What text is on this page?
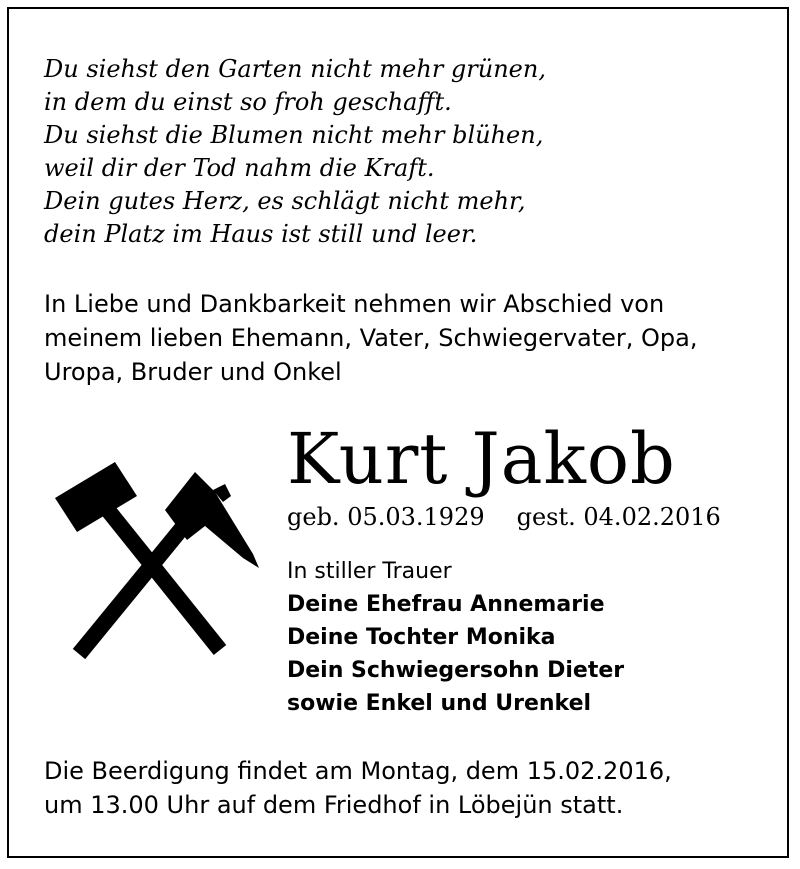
Du siehst den Garten nicht mehr grünen,
in dem du einst so froh geschafft.
Du siehst die Blumen nicht mehr blühen,
weil dir der Tod nahm die Kraft.
Dein gutes Herz, es schlägt nicht mehr,
dein Platz im Haus ist still und leer.
In Liebe und Dankbarkeit nehmen wir Abschied von
meinem lieben Ehemann, Vater, Schwiegervater, Opa,
Uropa, Bruder und Onkel
Kurt Jakob
geb. 05.03.1929 gest. 04.02.2016
In stiller Trauer
Deine Ehefrau Annemarie
Deine Tochter Monika
Dein Schwiegersohn Dieter
sowie Enkel und Urenkel
Die Beerdigung findet am Montag, dem 15.02.2016,
um 13.00 Uhr auf dem Friedhof in Löbejün statt.
